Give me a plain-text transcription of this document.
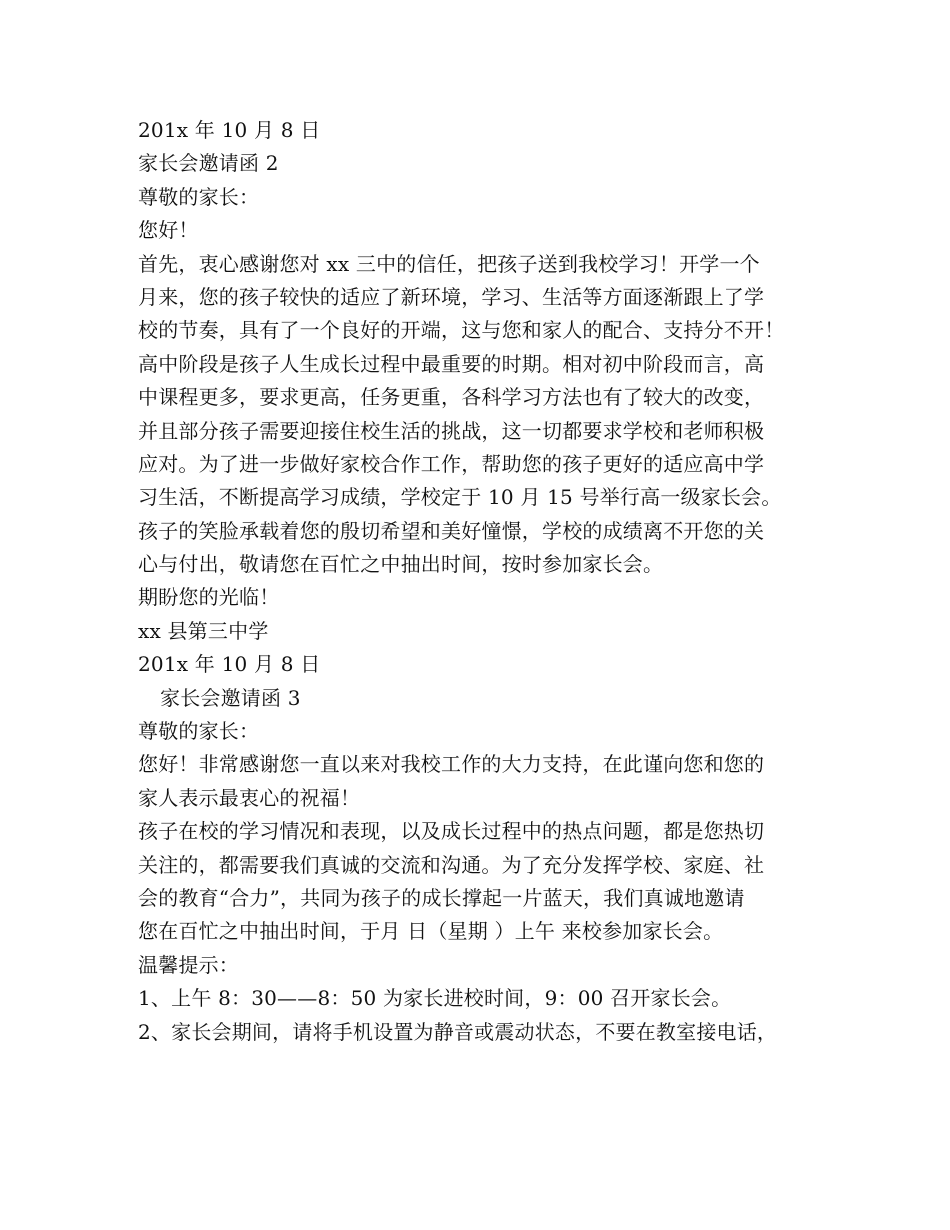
201x 年 10 月 8 日
家长会邀请函 2
尊敬的家长：
您好！
首先，衷心感谢您对 xx 三中的信任，把孩子送到我校学习！开学一个
月来，您的孩子较快的适应了新环境，学习、生活等方面逐渐跟上了学
校的节奏，具有了一个良好的开端，这与您和家人的配合、支持分不开！
高中阶段是孩子人生成长过程中最重要的时期。相对初中阶段而言，高
中课程更多，要求更高，任务更重，各科学习方法也有了较大的改变，
并且部分孩子需要迎接住校生活的挑战，这一切都要求学校和老师积极
应对。为了进一步做好家校合作工作，帮助您的孩子更好的适应高中学
习生活，不断提高学习成绩，学校定于 10 月 15 号举行高一级家长会。
孩子的笑脸承载着您的殷切希望和美好憧憬，学校的成绩离不开您的关
心与付出，敬请您在百忙之中抽出时间，按时参加家长会。
期盼您的光临！
xx 县第三中学
201x 年 10 月 8 日
家长会邀请函 3
尊敬的家长：
您好！非常感谢您一直以来对我校工作的大力支持，在此谨向您和您的
家人表示最衷心的祝福！
孩子在校的学习情况和表现，以及成长过程中的热点问题，都是您热切
关注的，都需要我们真诚的交流和沟通。为了充分发挥学校、家庭、社
会的教育“合力”，共同为孩子的成长撑起一片蓝天，我们真诚地邀请
您在百忙之中抽出时间，于月 日（星期 ）上午 来校参加家长会。
温馨提示：
1、上午 8：30——8：50 为家长进校时间，9：00 召开家长会。
2、家长会期间，请将手机设置为静音或震动状态，不要在教室接电话，
